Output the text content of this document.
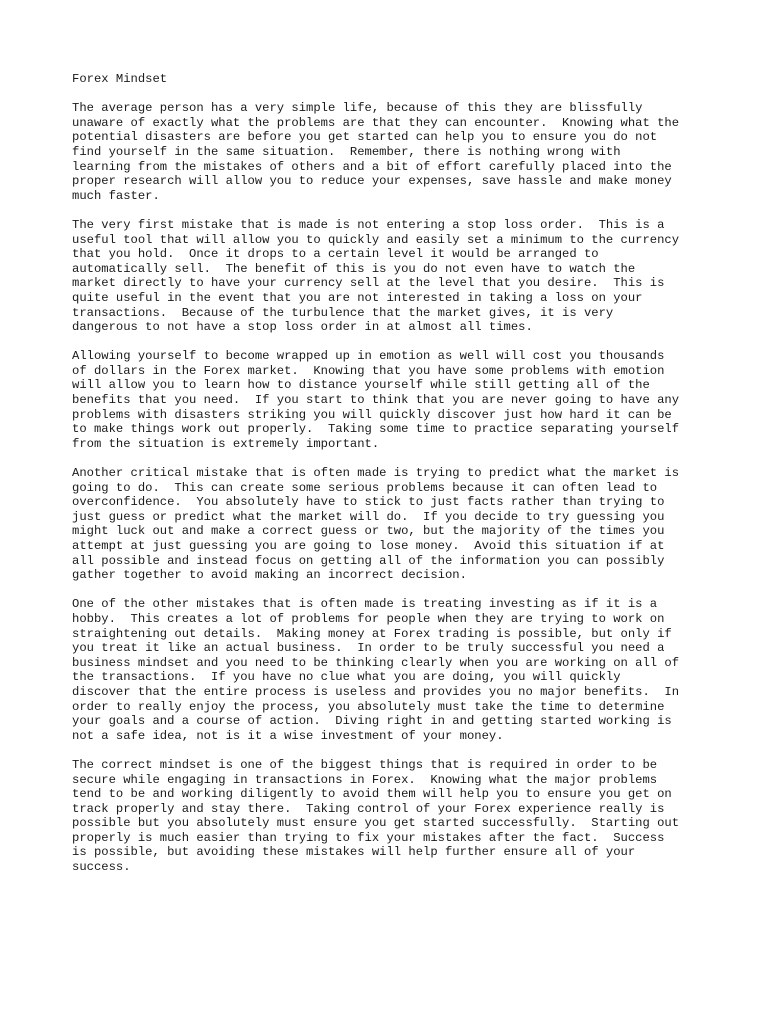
Forex Mindset
The average person has a very simple life, because of this they are blissfully
unaware of exactly what the problems are that they can encounter.  Knowing what the
potential disasters are before you get started can help you to ensure you do not
find yourself in the same situation.  Remember, there is nothing wrong with
learning from the mistakes of others and a bit of effort carefully placed into the
proper research will allow you to reduce your expenses, save hassle and make money
much faster.
The very first mistake that is made is not entering a stop loss order.  This is a
useful tool that will allow you to quickly and easily set a minimum to the currency
that you hold.  Once it drops to a certain level it would be arranged to
automatically sell.  The benefit of this is you do not even have to watch the
market directly to have your currency sell at the level that you desire.  This is
quite useful in the event that you are not interested in taking a loss on your
transactions.  Because of the turbulence that the market gives, it is very
dangerous to not have a stop loss order in at almost all times.
Allowing yourself to become wrapped up in emotion as well will cost you thousands
of dollars in the Forex market.  Knowing that you have some problems with emotion
will allow you to learn how to distance yourself while still getting all of the
benefits that you need.  If you start to think that you are never going to have any
problems with disasters striking you will quickly discover just how hard it can be
to make things work out properly.  Taking some time to practice separating yourself
from the situation is extremely important.
Another critical mistake that is often made is trying to predict what the market is
going to do.  This can create some serious problems because it can often lead to
overconfidence.  You absolutely have to stick to just facts rather than trying to
just guess or predict what the market will do.  If you decide to try guessing you
might luck out and make a correct guess or two, but the majority of the times you
attempt at just guessing you are going to lose money.  Avoid this situation if at
all possible and instead focus on getting all of the information you can possibly
gather together to avoid making an incorrect decision.
One of the other mistakes that is often made is treating investing as if it is a
hobby.  This creates a lot of problems for people when they are trying to work on
straightening out details.  Making money at Forex trading is possible, but only if
you treat it like an actual business.  In order to be truly successful you need a
business mindset and you need to be thinking clearly when you are working on all of
the transactions.  If you have no clue what you are doing, you will quickly
discover that the entire process is useless and provides you no major benefits.  In
order to really enjoy the process, you absolutely must take the time to determine
your goals and a course of action.  Diving right in and getting started working is
not a safe idea, not is it a wise investment of your money.
The correct mindset is one of the biggest things that is required in order to be
secure while engaging in transactions in Forex.  Knowing what the major problems
tend to be and working diligently to avoid them will help you to ensure you get on
track properly and stay there.  Taking control of your Forex experience really is
possible but you absolutely must ensure you get started successfully.  Starting out
properly is much easier than trying to fix your mistakes after the fact.  Success
is possible, but avoiding these mistakes will help further ensure all of your
success.
